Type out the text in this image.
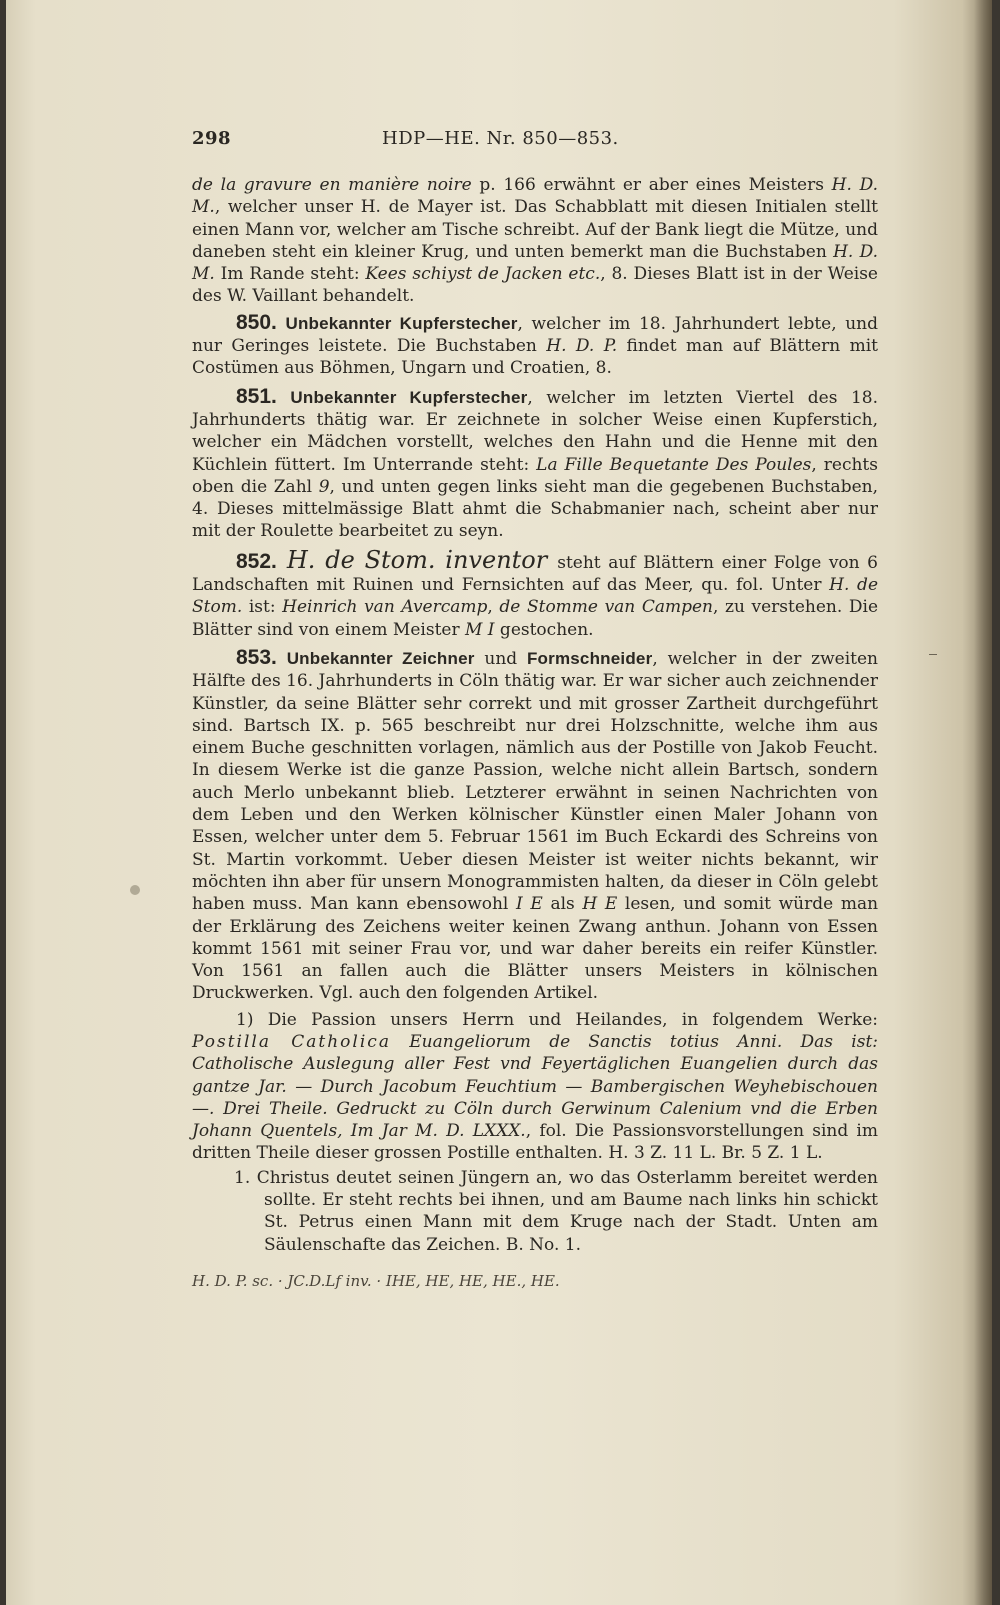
298	HDP—HE. Nr. 850—853.

de la gravure en manière noire p. 166 erwähnt er aber eines Meisters H. D. M., welcher unser H. de Mayer ist. Das Schabblatt mit diesen Initialen stellt einen Mann vor, welcher am Tische schreibt. Auf der Bank liegt die Mütze, und daneben steht ein kleiner Krug, und unten bemerkt man die Buchstaben H. D. M. Im Rande steht: Kees schiyst de Jacken etc., 8. Dieses Blatt ist in der Weise des W. Vaillant behandelt.

850. Unbekannter Kupferstecher, welcher im 18. Jahrhundert lebte, und nur Geringes leistete. Die Buchstaben H. D. P. findet man auf Blättern mit Costümen aus Böhmen, Ungarn und Croatien, 8.

851. Unbekannter Kupferstecher, welcher im letzten Viertel des 18. Jahrhunderts thätig war. Er zeichnete in solcher Weise einen Kupferstich, welcher ein Mädchen vorstellt, welches den Hahn und die Henne mit den Küchlein füttert. Im Unterrande steht: La Fille Bequetante Des Poules, rechts oben die Zahl 9, und unten gegen links sieht man die gegebenen Buchstaben, 4. Dieses mittelmässige Blatt ahmt die Schabmanier nach, scheint aber nur mit der Roulette bearbeitet zu seyn.

852. H. de Stom. inventor steht auf Blättern einer Folge von 6 Landschaften mit Ruinen und Fernsichten auf das Meer, qu. fol. Unter H. de Stom. ist: Heinrich van Avercamp, de Stomme van Campen, zu verstehen. Die Blätter sind von einem Meister M I gestochen.

853. Unbekannter Zeichner und Formschneider, welcher in der zweiten Hälfte des 16. Jahrhunderts in Cöln thätig war. Er war sicher auch zeichnender Künstler, da seine Blätter sehr correkt und mit grosser Zartheit durchgeführt sind. Bartsch IX. p. 565 beschreibt nur drei Holzschnitte, welche ihm aus einem Buche geschnitten vorlagen, nämlich aus der Postille von Jakob Feucht. In diesem Werke ist die ganze Passion, welche nicht allein Bartsch, sondern auch Merlo unbekannt blieb. Letzterer erwähnt in seinen Nachrichten von dem Leben und den Werken kölnischer Künstler einen Maler Johann von Essen, welcher unter dem 5. Februar 1561 im Buch Eckardi des Schreins von St. Martin vorkommt. Ueber diesen Meister ist weiter nichts bekannt, wir möchten ihn aber für unsern Monogrammisten halten, da dieser in Cöln gelebt haben muss. Man kann ebensowohl I E als H E lesen, und somit würde man der Erklärung des Zeichens weiter keinen Zwang anthun. Johann von Essen kommt 1561 mit seiner Frau vor, und war daher bereits ein reifer Künstler. Von 1561 an fallen auch die Blätter unsers Meisters in kölnischen Druckwerken. Vgl. auch den folgenden Artikel.

1) Die Passion unsers Herrn und Heilandes, in folgendem Werke: Postilla Catholica Euangeliorum de Sanctis totius Anni. Das ist: Catholische Auslegung aller Fest vnd Feyertäglichen Euangelien durch das gantze Jar. — Durch Jacobum Feuchtium — Bambergischen Weyhebischouen —. Drei Theile. Gedruckt zu Cöln durch Gerwinum Calenium vnd die Erben Johann Quentels, Im Jar M. D. LXXX., fol. Die Passionsvorstellungen sind im dritten Theile dieser grossen Postille enthalten. H. 3 Z. 11 L. Br. 5 Z. 1 L.

1. Christus deutet seinen Jüngern an, wo das Osterlamm bereitet werden sollte. Er steht rechts bei ihnen, und am Baume nach links hin schickt St. Petrus einen Mann mit dem Kruge nach der Stadt. Unten am Säulenschafte das Zeichen. B. No. 1.

H. D. P. sc. · JC.D.Lf inv. · IHE, HE, HE, HE., HE.
